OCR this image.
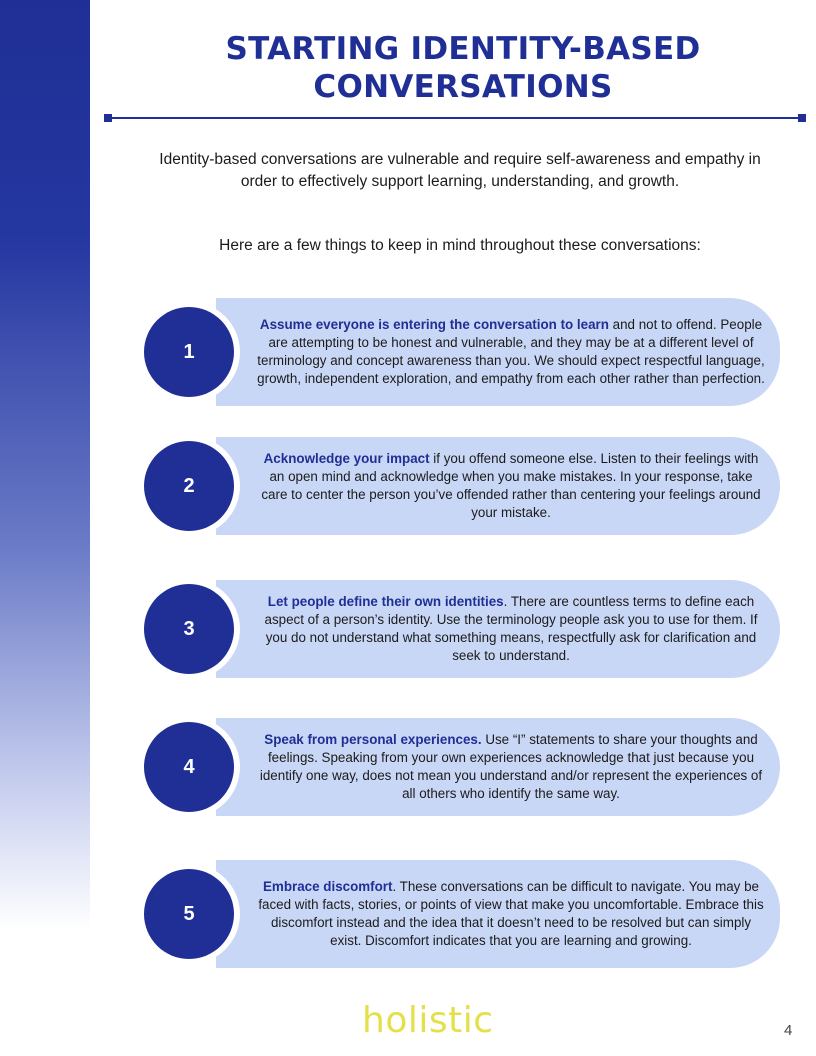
STARTING IDENTITY-BASED
CONVERSATIONS

Identity-based conversations are vulnerable and require self-awareness and empathy in order to effectively support learning, understanding, and growth.

Here are a few things to keep in mind throughout these conversations:

1

Assume everyone is entering the conversation to learn and not to offend. People are attempting to be honest and vulnerable, and they may be at a different level of terminology and concept awareness than you. We should expect respectful language, growth, independent exploration, and empathy from each other rather than perfection.

2

Acknowledge your impact if you offend someone else. Listen to their feelings with an open mind and acknowledge when you make mistakes. In your response, take care to center the person you’ve offended rather than centering your feelings around your mistake.

3

Let people define their own identities. There are countless terms to define each aspect of a person’s identity. Use the terminology people ask you to use for them. If you do not understand what something means, respectfully ask for clarification and seek to understand.

4

Speak from personal experiences. Use “I” statements to share your thoughts and feelings. Speaking from your own experiences acknowledge that just because you identify one way, does not mean you understand and/or represent the experiences of all others who identify the same way.

5

Embrace discomfort. These conversations can be difficult to navigate. You may be faced with facts, stories, or points of view that make you uncomfortable. Embrace this discomfort instead and the idea that it doesn’t need to be resolved but can simply exist. Discomfort indicates that you are learning and growing.

holistic	4
